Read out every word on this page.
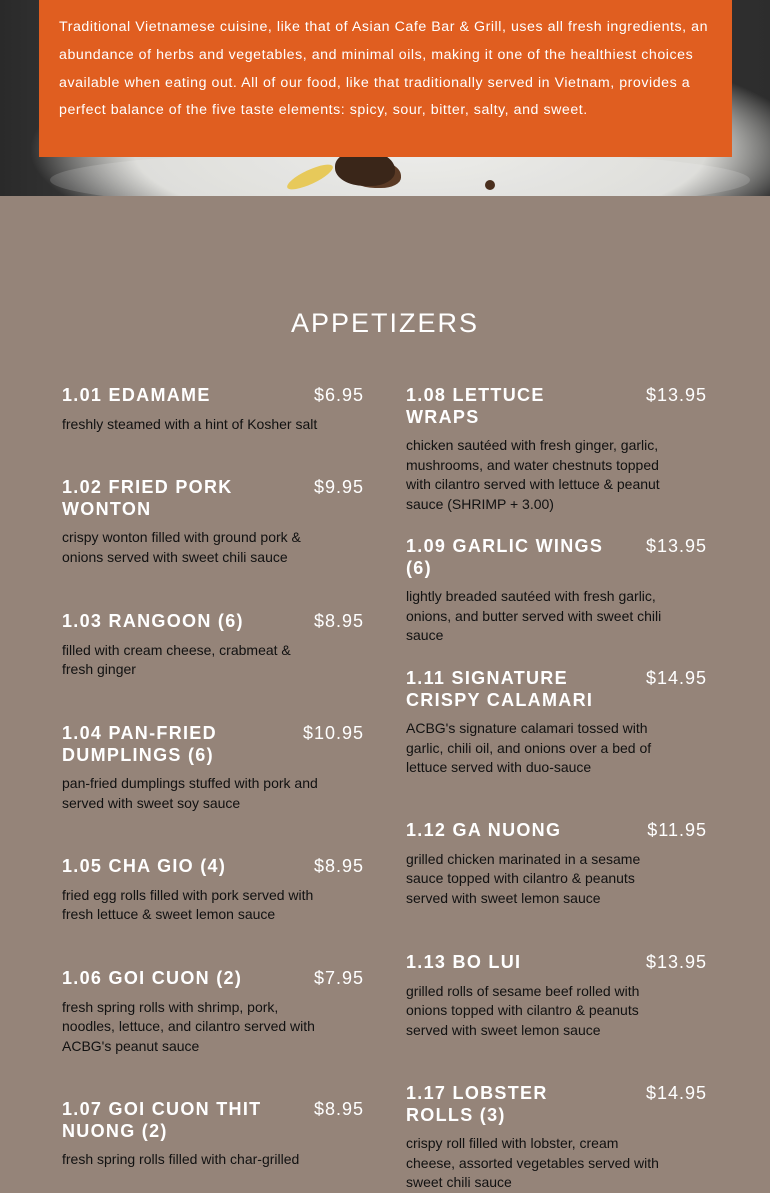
Traditional Vietnamese cuisine, like that of Asian Cafe Bar & Grill, uses all fresh ingredients, an abundance of herbs and vegetables, and minimal oils, making it one of the healthiest choices available when eating out. All of our food, like that traditionally served in Vietnam, provides a perfect balance of the five taste elements: spicy, sour, bitter, salty, and sweet.

APPETIZERS
1.01 EDAMAME	$6.95

freshly steamed with a hint of Kosher salt

1.02 FRIED PORK WONTON
$9.95

crispy wonton filled with ground pork & onions served with sweet chili sauce

1.03 RANGOON (6)	$8.95

filled with cream cheese, crabmeat & fresh ginger

1.04 PAN-FRIED DUMPLINGS (6)
$10.95

pan-fried dumplings stuffed with pork and served with sweet soy sauce

1.05 CHA GIO (4)	$8.95

fried egg rolls filled with pork served with fresh lettuce & sweet lemon sauce

1.06 GOI CUON (2)	$7.95

fresh spring rolls with shrimp, pork, noodles, lettuce, and cilantro served with ACBG's peanut sauce

1.07 GOI CUON THIT NUONG (2)
$8.95

fresh spring rolls filled with char-grilled

1.08 LETTUCE WRAPS
$13.95

chicken sautéed with fresh ginger, garlic, mushrooms, and water chestnuts topped with cilantro served with lettuce & peanut sauce (SHRIMP + 3.00)

1.09 GARLIC WINGS (6)
$13.95

lightly breaded sautéed with fresh garlic, onions, and butter served with sweet chili sauce

1.11 SIGNATURE CRISPY CALAMARI
$14.95

ACBG's signature calamari tossed with garlic, chili oil, and onions over a bed of lettuce served with duo-sauce

1.12 GA NUONG	$11.95

grilled chicken marinated in a sesame sauce topped with cilantro & peanuts served with sweet lemon sauce

1.13 BO LUI	$13.95

grilled rolls of sesame beef rolled with onions topped with cilantro & peanuts served with sweet lemon sauce

1.17 LOBSTER ROLLS (3)
$14.95

crispy roll filled with lobster, cream cheese, assorted vegetables served with sweet chili sauce
